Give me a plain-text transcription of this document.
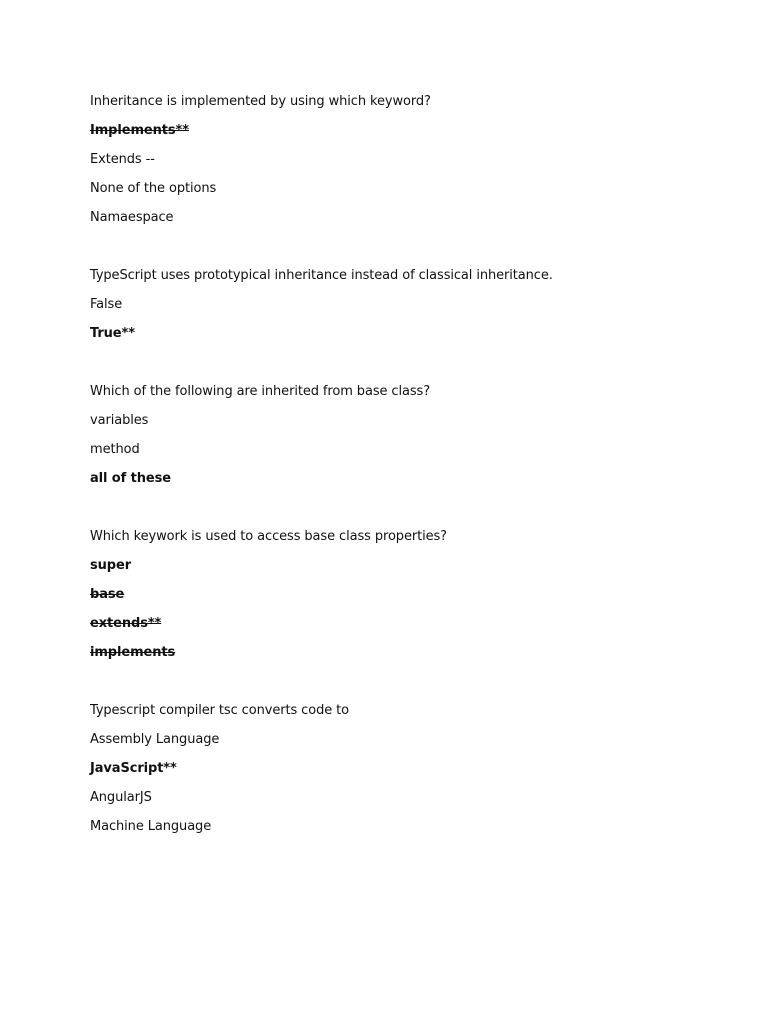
Inheritance is implemented by using which keyword?
Implements**
Extends --
None of the options
Namaespace
TypeScript uses prototypical inheritance instead of classical inheritance.
False
True**
Which of the following are inherited from base class?
variables
method
all of these
Which keywork is used to access base class properties?
super
base
extends**
implements
Typescript compiler tsc converts code to
Assembly Language
JavaScript**
AngularJS
Machine Language
